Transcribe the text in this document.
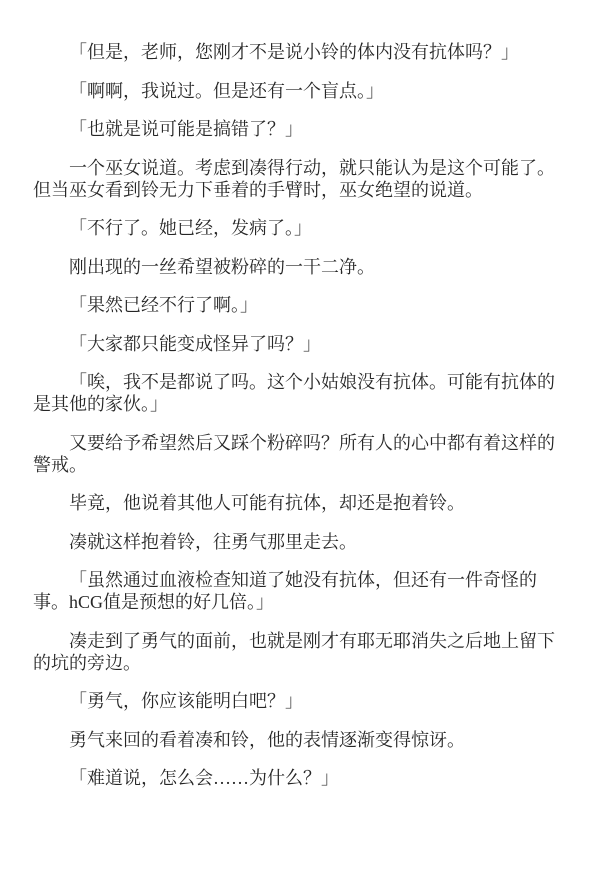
「但是，老师，您刚才不是说小铃的体内没有抗体吗？」

「啊啊，我说过。但是还有一个盲点。」

「也就是说可能是搞错了？」

一个巫女说道。考虑到凑得行动，就只能认为是这个可能了。但当巫女看到铃无力下垂着的手臂时，巫女绝望的说道。

「不行了。她已经，发病了。」

刚出现的一丝希望被粉碎的一干二净。

「果然已经不行了啊。」

「大家都只能变成怪异了吗？」

「唉，我不是都说了吗。这个小姑娘没有抗体。可能有抗体的是其他的家伙。」

又要给予希望然后又踩个粉碎吗？所有人的心中都有着这样的警戒。

毕竟，他说着其他人可能有抗体，却还是抱着铃。

凑就这样抱着铃，往勇气那里走去。

「虽然通过血液检查知道了她没有抗体，但还有一件奇怪的事。hCG值是预想的好几倍。」

凑走到了勇气的面前，也就是刚才有耶无耶消失之后地上留下的坑的旁边。

「勇气，你应该能明白吧？」

勇气来回的看着凑和铃，他的表情逐渐变得惊讶。

「难道说，怎么会……为什么？」
